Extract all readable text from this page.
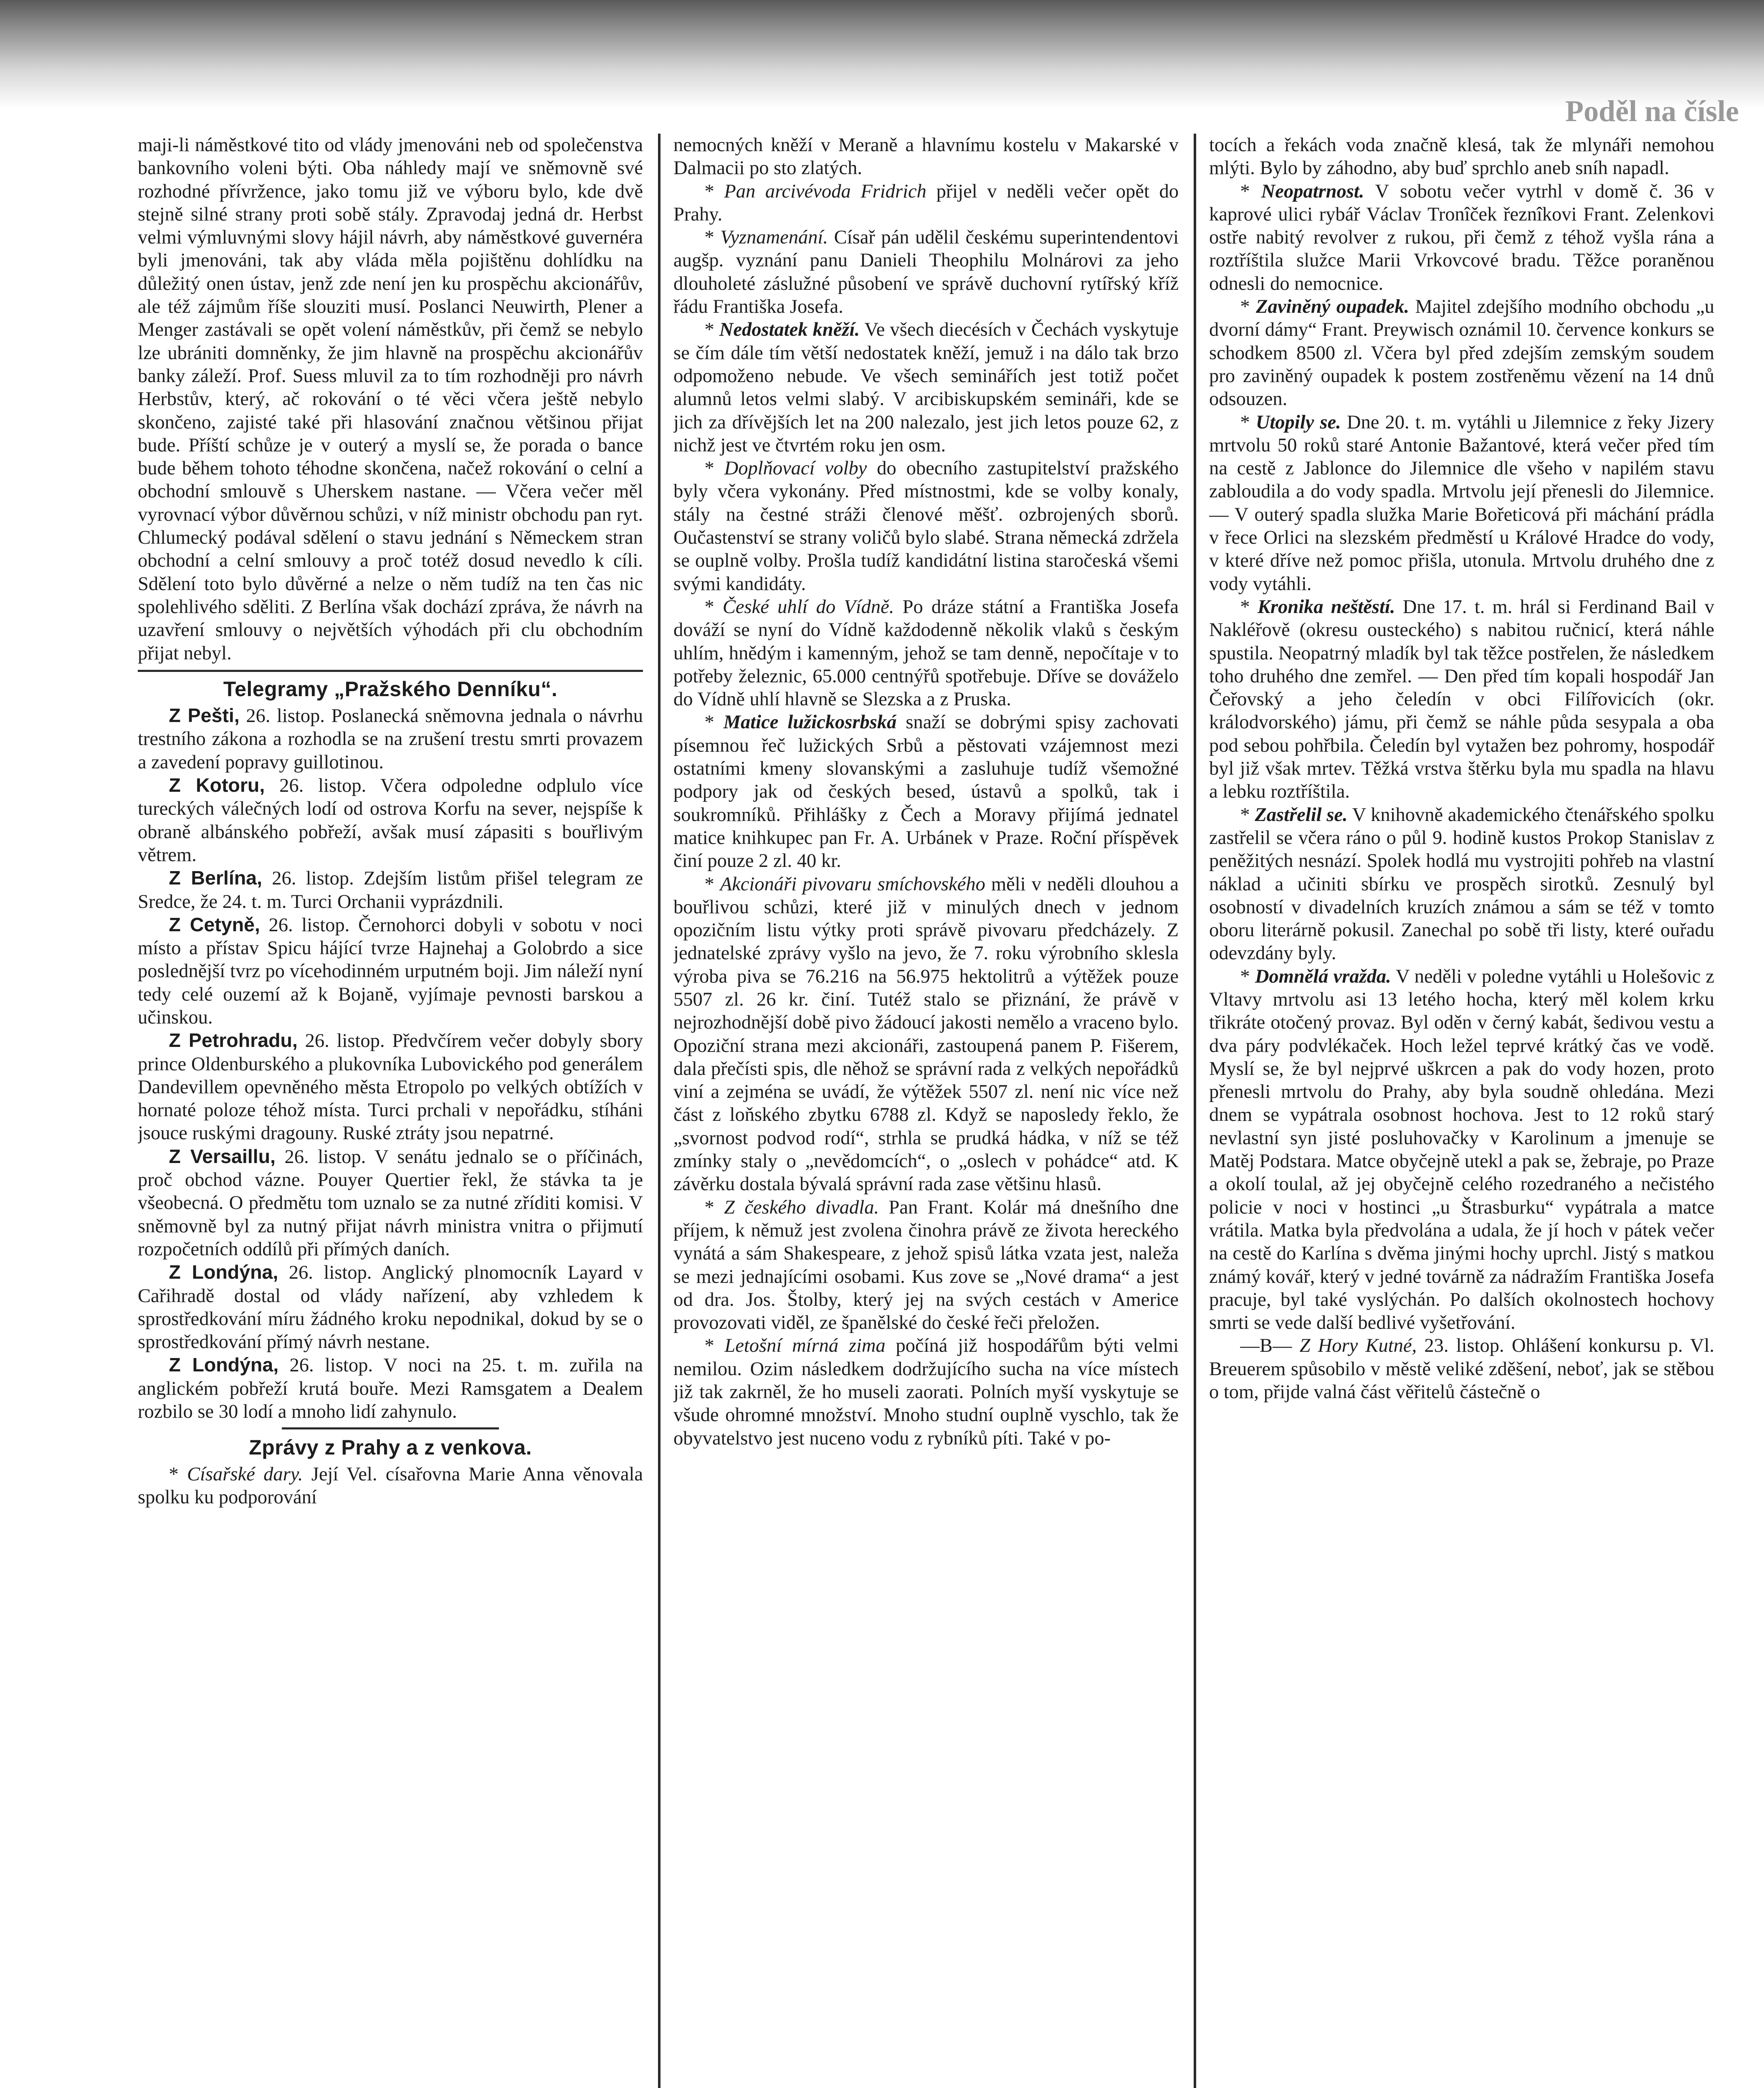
Poděl na čísle

maji-li náměstkové tito od vlády jmenováni neb od společenstva bankovního voleni býti. Oba náhledy mají ve sněmovně své rozhodné přívržence, jako tomu již ve výboru bylo, kde dvě stejně silné strany proti sobě stály. Zpravodaj jedná dr. Herbst velmi výmluvnými slovy hájil návrh, aby náměstkové guvernéra byli jmenováni, tak aby vláda měla pojištěnu dohlídku na důležitý onen ústav, jenž zde není jen ku prospěchu akcionářův, ale též zájmům říše slouziti musí. Poslanci Neuwirth, Plener a Menger zastávali se opět volení náměstkův, při čemž se nebylo lze ubrániti domněnky, že jim hlavně na prospěchu akcionářův banky záleží. Prof. Suess mluvil za to tím rozhodněji pro návrh Herbstův, který, ač rokování o té věci včera ještě nebylo skončeno, zajisté také při hlasování značnou většinou přijat bude. Příští schůze je v outerý a myslí se, že porada o bance bude během tohoto téhodne skončena, načež rokování o celní a obchodní smlouvě s Uherskem nastane. — Včera večer měl vyrovnací výbor důvěrnou schůzi, v níž ministr obchodu pan ryt. Chlumecký podával sdělení o stavu jednání s Německem stran obchodní a celní smlouvy a proč totéž dosud nevedlo k cíli. Sdělení toto bylo důvěrné a nelze o něm tudíž na ten čas nic spolehlivého sděliti. Z Berlína však dochází zpráva, že návrh na uzavření smlouvy o největších výhodách při clu obchodním přijat nebyl.

Telegramy „Pražského Denníku“.

Z Pešti, 26. listop. Poslanecká sněmovna jednala o návrhu trestního zákona a rozhodla se na zrušení trestu smrti provazem a zavedení popravy guillotinou.

Z Kotoru, 26. listop. Včera odpoledne odplulo více tureckých válečných lodí od ostrova Korfu na sever, nejspíše k obraně albánského pobřeží, avšak musí zápasiti s bouřlivým větrem.

Z Berlína, 26. listop. Zdejším listům přišel telegram ze Sredce, že 24. t. m. Turci Orchanii vyprázdnili.

Z Cetyně, 26. listop. Černohorci dobyli v sobotu v noci místo a přístav Spicu hájící tvrze Hajnehaj a Golobrdo a sice poslednější tvrz po vícehodinném urputném boji. Jim náleží nyní tedy celé ouzemí až k Bojaně, vyjímaje pevnosti barskou a učinskou.

Z Petrohradu, 26. listop. Předvčírem večer dobyly sbory prince Oldenburského a plukovníka Lubovického pod generálem Dandevillem opevněného města Etropolo po velkých obtížích v hornaté poloze téhož místa. Turci prchali v nepořádku, stíháni jsouce ruskými dragouny. Ruské ztráty jsou nepatrné.

Z Versaillu, 26. listop. V senátu jednalo se o příčinách, proč obchod vázne. Pouyer Quertier řekl, že stávka ta je všeobecná. O předmětu tom uznalo se za nutné zříditi komisi. V sněmovně byl za nutný přijat návrh ministra vnitra o přijmutí rozpočetních oddílů při přímých daních.

Z Londýna, 26. listop. Anglický plnomocník Layard v Cařihradě dostal od vlády nařízení, aby vzhledem k sprostředkování míru žádného kroku nepodnikal, dokud by se o sprostředkování přímý návrh nestane.

Z Londýna, 26. listop. V noci na 25. t. m. zuřila na anglickém pobřeží krutá bouře. Mezi Ramsgatem a Dealem rozbilo se 30 lodí a mnoho lidí zahynulo.

Zprávy z Prahy a z venkova.

* Císařské dary. Její Vel. císařovna Marie Anna věnovala spolku ku podporování

nemocných kněží v Meraně a hlavnímu kostelu v Makarské v Dalmacii po sto zlatých.

* Pan arcivévoda Fridrich přijel v neděli večer opět do Prahy.

* Vyznamenání. Císař pán udělil českému superintendentovi augšp. vyznání panu Danieli Theophilu Molnárovi za jeho dlouholeté záslužné působení ve správě duchovní rytířský kříž řádu Františka Josefa.

* Nedostatek kněží. Ve všech diecésích v Čechách vyskytuje se čím dále tím větší nedostatek kněží, jemuž i na dálo tak brzo odpomoženo nebude. Ve všech seminářích jest totiž počet alumnů letos velmi slabý. V arcibiskupském semináři, kde se jich za dřívějších let na 200 nalezalo, jest jich letos pouze 62, z nichž jest ve čtvrtém roku jen osm.

* Doplňovací volby do obecního zastupitelství pražského byly včera vykonány. Před místnostmi, kde se volby konaly, stály na čestné stráži členové měšť. ozbrojených sborů. Oučastenství se strany voličů bylo slabé. Strana německá zdržela se ouplně volby. Prošla tudíž kandidátní listina staročeská všemi svými kandidáty.

* České uhlí do Vídně. Po dráze státní a Františka Josefa dováží se nyní do Vídně každodenně několik vlaků s českým uhlím, hnědým i kamenným, jehož se tam denně, nepočítaje v to potřeby železnic, 65.000 centnýřů spotřebuje. Dříve se dováželo do Vídně uhlí hlavně se Slezska a z Pruska.

* Matice lužickosrbská snaží se dobrými spisy zachovati písemnou řeč lužických Srbů a pěstovati vzájemnost mezi ostatními kmeny slovanskými a zasluhuje tudíž všemožné podpory jak od českých besed, ústavů a spolků, tak i soukromníků. Přihlášky z Čech a Moravy přijímá jednatel matice knihkupec pan Fr. A. Urbánek v Praze. Roční příspěvek činí pouze 2 zl. 40 kr.

* Akcionáři pivovaru smíchovského měli v neděli dlouhou a bouřlivou schůzi, které již v minulých dnech v jednom opozičním listu výtky proti správě pivovaru předcházely. Z jednatelské zprávy vyšlo na jevo, že 7. roku výrobního sklesla výroba piva se 76.216 na 56.975 hektolitrů a výtěžek pouze 5507 zl. 26 kr. činí. Tutéž stalo se přiznání, že právě v nejrozhodnější době pivo žádoucí jakosti nemělo a vraceno bylo. Opoziční strana mezi akcionáři, zastoupená panem P. Fišerem, dala přečísti spis, dle něhož se správní rada z velkých nepořádků viní a zejména se uvádí, že výtěžek 5507 zl. není nic více než část z loňského zbytku 6788 zl. Když se naposledy řeklo, že „svornost podvod rodí“, strhla se prudká hádka, v níž se též zmínky staly o „nevědomcích“, o „oslech v pohádce“ atd. K závěrku dostala bývalá správní rada zase většinu hlasů.

* Z českého divadla. Pan Frant. Kolár má dnešního dne příjem, k němuž jest zvolena činohra právě ze života hereckého vynátá a sám Shakespeare, z jehož spisů látka vzata jest, naleža se mezi jednajícími osobami. Kus zove se „Nové drama“ a jest od dra. Jos. Štolby, který jej na svých cestách v Americe provozovati viděl, ze španělské do české řeči přeložen.

* Letošní mírná zima počíná již hospodářům býti velmi nemilou. Ozim následkem dodržujícího sucha na více místech již tak zakrněl, že ho museli zaorati. Polních myší vyskytuje se všude ohromné množství. Mnoho studní ouplně vyschlo, tak že obyvatelstvo jest nuceno vodu z rybníků píti. Také v po-

tocích a řekách voda značně klesá, tak že mlynáři nemohou mlýti. Bylo by záhodno, aby buď sprchlo aneb sníh napadl.

* Neopatrnost. V sobotu večer vytrhl v domě č. 36 v kaprové ulici rybář Václav Tronîček řeznîkovi Frant. Zelenkovi ostře nabitý revolver z rukou, při čemž z téhož vyšla rána a roztříštila služce Marii Vrkovcové bradu. Těžce poraněnou odnesli do nemocnice.

* Zaviněný oupadek. Majitel zdejšího modního obchodu „u dvorní dámy“ Frant. Preywisch oznámil 10. července konkurs se schodkem 8500 zl. Včera byl před zdejším zemským soudem pro zaviněný oupadek k postem zostřeněmu vězení na 14 dnů odsouzen.

* Utopily se. Dne 20. t. m. vytáhli u Jilemnice z řeky Jizery mrtvolu 50 roků staré Antonie Bažantové, která večer před tím na cestě z Jablonce do Jilemnice dle všeho v napilém stavu zabloudila a do vody spadla. Mrtvolu její přenesli do Jilemnice. — V outerý spadla služka Marie Bořeticová při máchání prádla v řece Orlici na slezském předměstí u Králové Hradce do vody, v které dříve než pomoc přišla, utonula. Mrtvolu druhého dne z vody vytáhli.

* Kronika neštěstí. Dne 17. t. m. hrál si Ferdinand Bail v Nakléřově (okresu ousteckého) s nabitou ručnicí, která náhle spustila. Neopatrný mladík byl tak těžce postřelen, že následkem toho druhého dne zemřel. — Den před tím kopali hospodář Jan Čeřovský a jeho čeledín v obci Filířovicích (okr. králodvorského) jámu, při čemž se náhle půda sesypala a oba pod sebou pohřbila. Čeledín byl vytažen bez pohromy, hospodář byl již však mrtev. Těžká vrstva štěrku byla mu spadla na hlavu a lebku roztříštila.

* Zastřelil se. V knihovně akademického čtenářského spolku zastřelil se včera ráno o půl 9. hodině kustos Prokop Stanislav z peněžitých nesnází. Spolek hodlá mu vystrojiti pohřeb na vlastní náklad a učiniti sbírku ve prospěch sirotků. Zesnulý byl osobností v divadelních kruzích známou a sám se též v tomto oboru literárně pokusil. Zanechal po sobě tři listy, které ouřadu odevzdány byly.

* Domnělá vražda. V neděli v poledne vytáhli u Holešovic z Vltavy mrtvolu asi 13 letého hocha, který měl kolem krku třikráte otočený provaz. Byl oděn v černý kabát, šedivou vestu a dva páry podvlékaček. Hoch ležel teprvé krátký čas ve vodě. Myslí se, že byl nejprvé uškrcen a pak do vody hozen, proto přenesli mrtvolu do Prahy, aby byla soudně ohledána. Mezi dnem se vypátrala osobnost hochova. Jest to 12 roků starý nevlastní syn jisté posluhovačky v Karolinum a jmenuje se Matěj Podstara. Matce obyčejně utekl a pak se, žebraje, po Praze a okolí toulal, až jej obyčejně celého rozedraného a nečistého policie v noci v hostinci „u Štrasburku“ vypátrala a matce vrátila. Matka byla předvolána a udala, že jí hoch v pátek večer na cestě do Karlína s dvěma jinými hochy uprchl. Jistý s matkou známý kovář, který v jedné továrně za nádražím Františka Josefa pracuje, byl také vyslýchán. Po dalších okolnostech hochovy smrti se vede další bedlivé vyšetřování.

—B— Z Hory Kutné, 23. listop. Ohlášení konkursu p. Vl. Breuerem spůsobilo v městě veliké zděšení, neboť, jak se stěbou o tom, přijde valná část věřitelů částečně o
